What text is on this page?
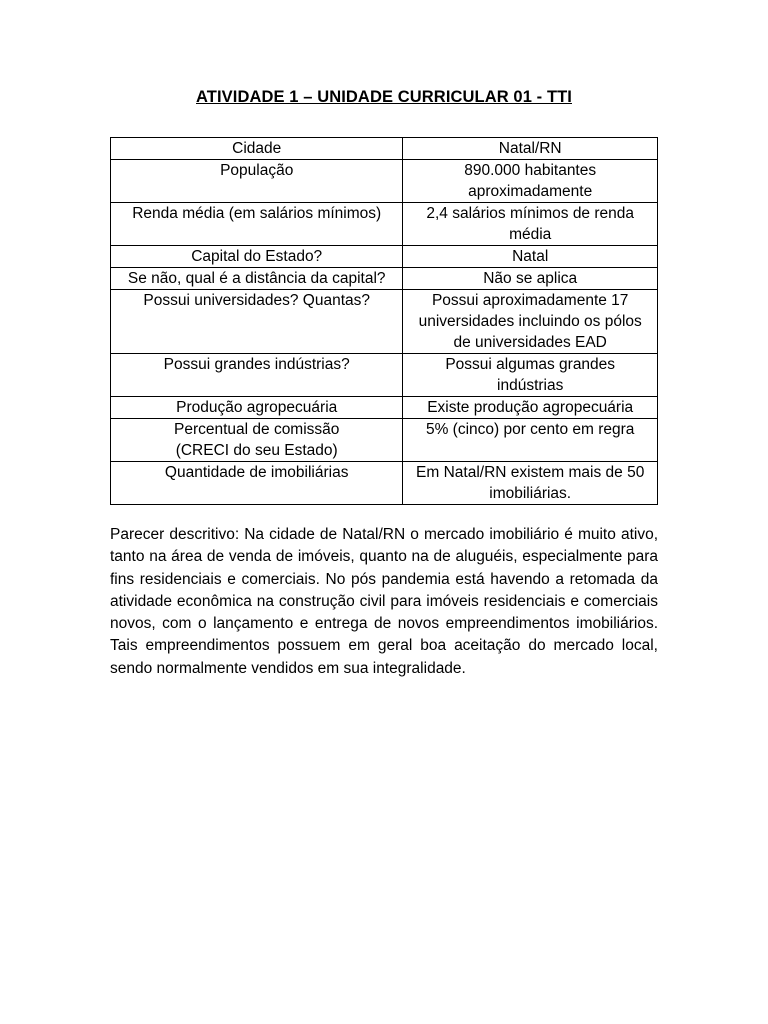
ATIVIDADE 1 – UNIDADE CURRICULAR 01 - TTI
Cidade	Natal/RN
População	890.000 habitantes
aproximadamente
Renda média (em salários mínimos)	2,4 salários mínimos de renda
média
Capital do Estado?	Natal
Se não, qual é a distância da capital?	Não se aplica
Possui universidades? Quantas?	Possui aproximadamente 17
universidades incluindo os pólos
de universidades EAD
Possui grandes indústrias?	Possui algumas grandes
indústrias
Produção agropecuária	Existe produção agropecuária
Percentual de comissão
(CRECI do seu Estado)	5% (cinco) por cento em regra
Quantidade de imobiliárias	Em Natal/RN existem mais de 50
imobiliárias.
Parecer descritivo: Na cidade de Natal/RN o mercado imobiliário é muito ativo, tanto na área de venda de imóveis, quanto na de aluguéis, especialmente para fins residenciais e comerciais. No pós pandemia está havendo a retomada da atividade econômica na construção civil para imóveis residenciais e comerciais novos, com o lançamento e entrega de novos empreendimentos imobiliários. Tais empreendimentos possuem em geral boa aceitação do mercado local, sendo normalmente vendidos em sua integralidade.
